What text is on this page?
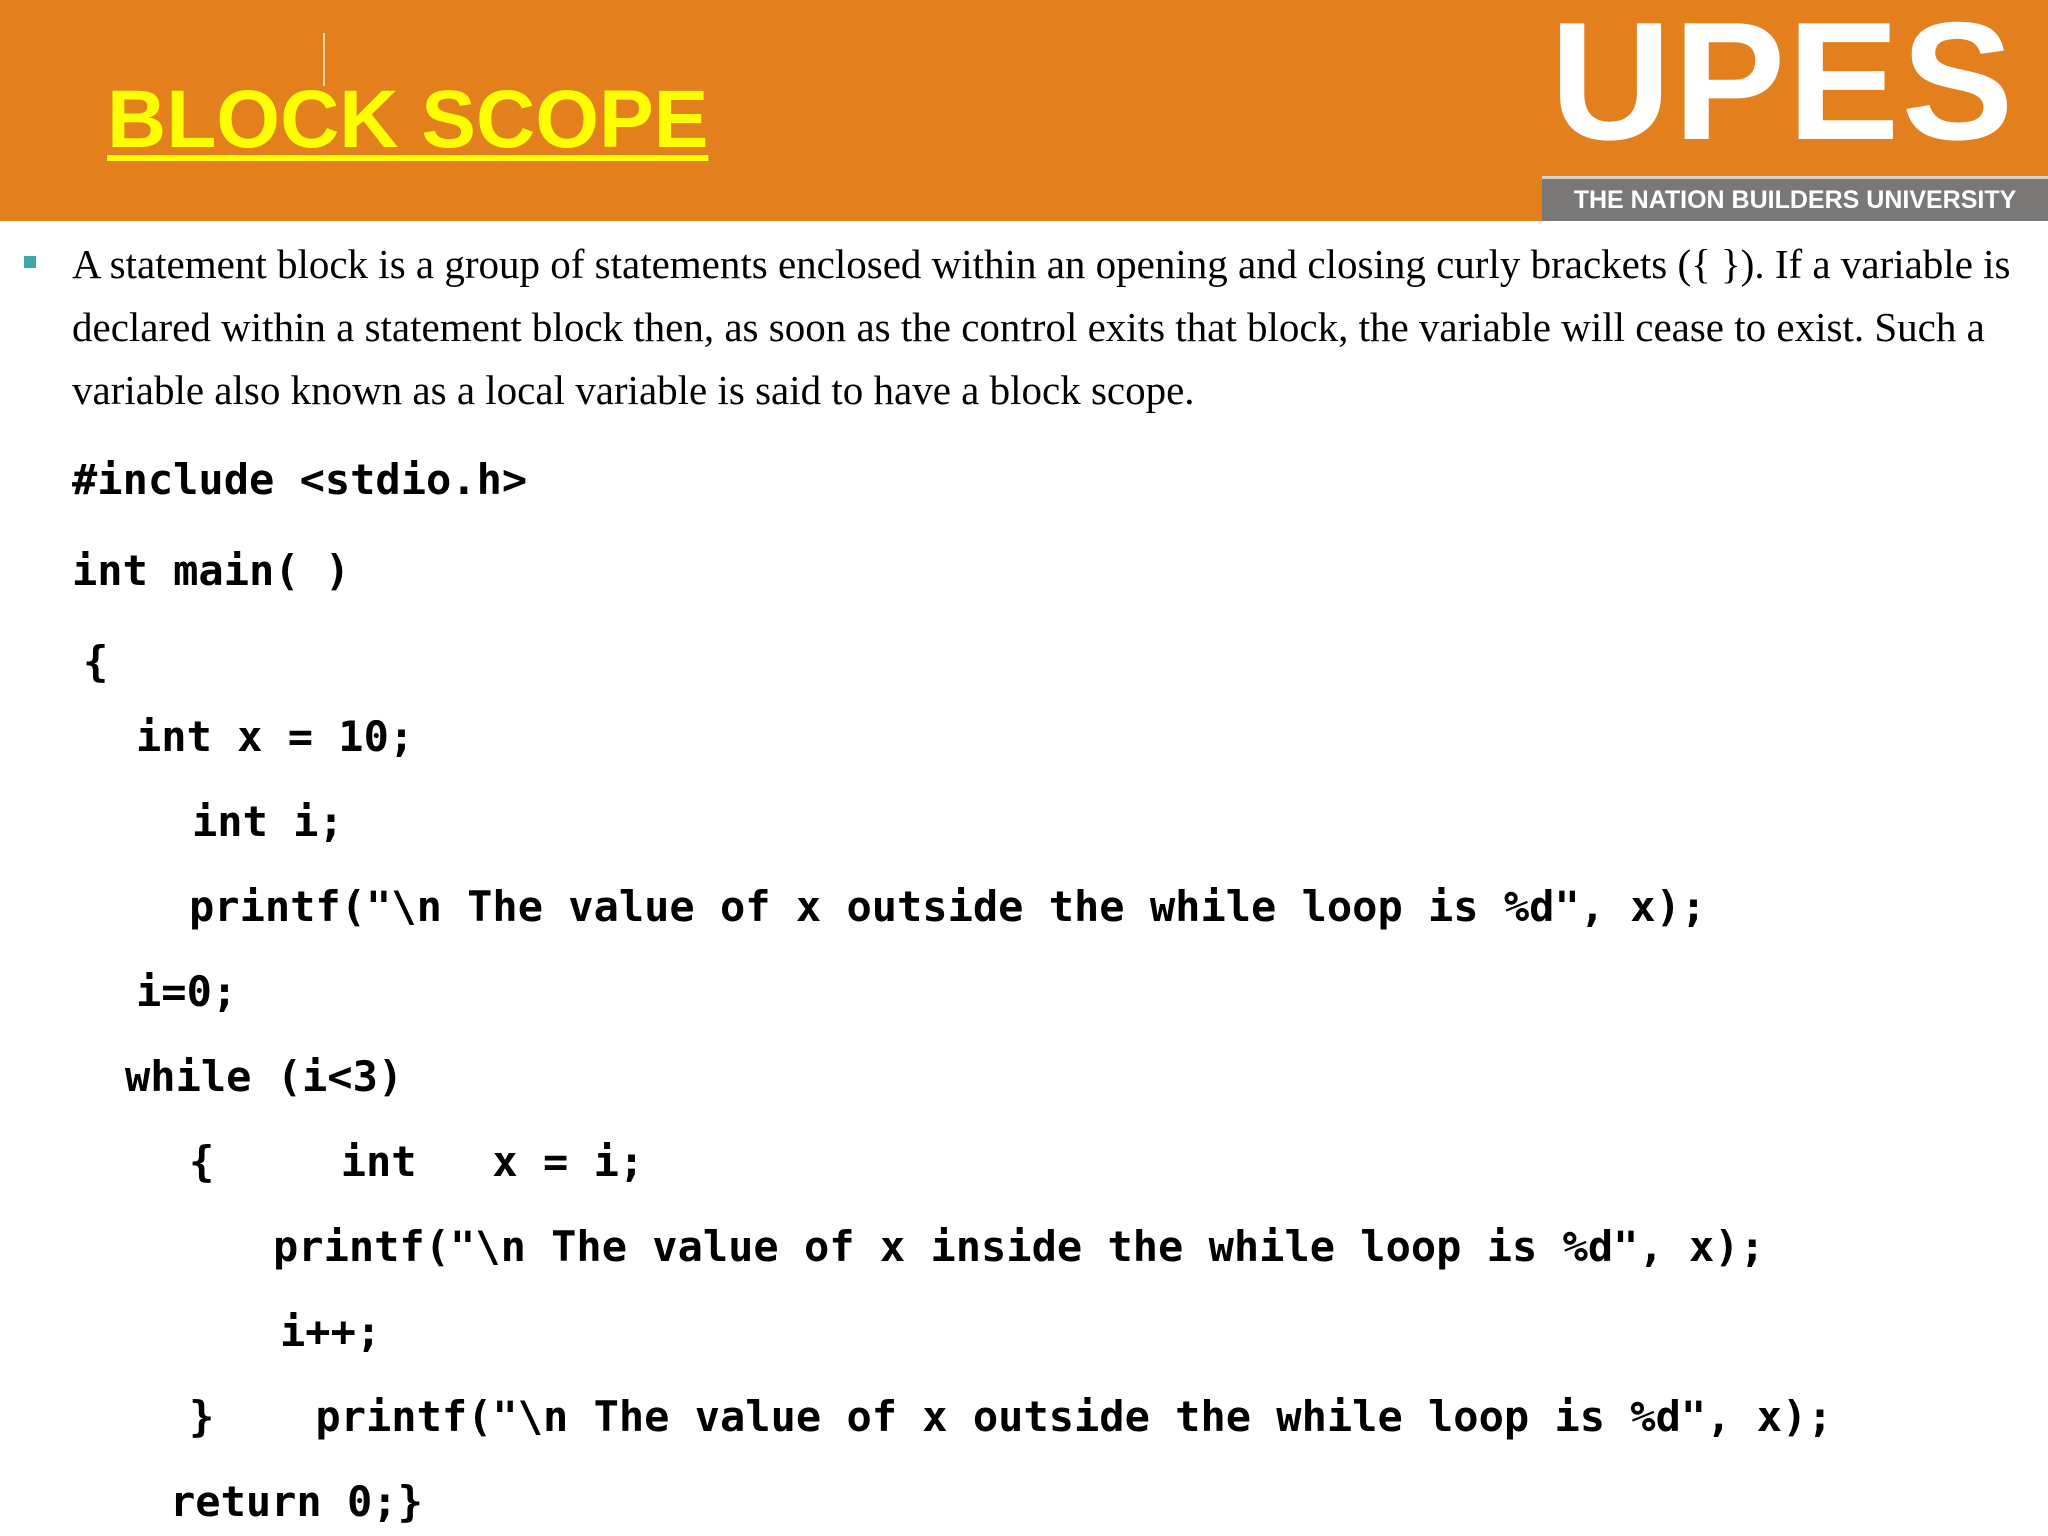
BLOCK SCOPE	UPES
THE NATION BUILDERS UNIVERSITY

A statement block is a group of statements enclosed within an opening and closing curly brackets ({ }). If a variable is declared within a statement block then, as soon as the control exits that block, the variable will cease to exist. Such a variable also known as a local variable is said to have a block scope.

#include <stdio.h>
int main( )
{
int x = 10;
int i;
printf("\n The value of x outside the while loop is %d", x);
i=0;
while (i<3)
{     int   x = i;
printf("\n The value of x inside the while loop is %d", x);
i++;
}    printf("\n The value of x outside the while loop is %d", x);
return 0;}
